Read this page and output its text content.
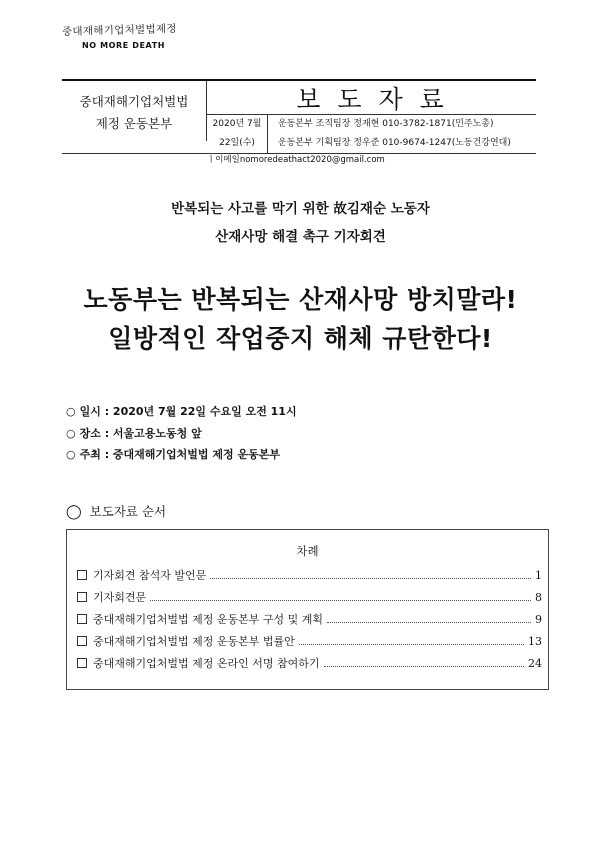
중대재해기업처벌법제정
NO MORE DEATH
중대재해기업처벌법
제정 운동본부
보도자료
2020년 7월
22일(수)
운동본부 조직팀장 정재현 010-3782-1871(민주노총)
운동본부 기획팀장 정우준 010-9674-1247(노동건강연대)
ㅣ이메일nomoredeathact2020@gmail.com
반복되는 사고를 막기 위한 故김재순 노동자
산재사망 해결 촉구 기자회견
노동부는 반복되는 산재사망 방치말라!
일방적인 작업중지 해체 규탄한다!
○ 일시 : 2020년 7월 22일 수요일 오전 11시
○ 장소 : 서울고용노동청 앞
○ 주최 : 중대재해기업처벌법 제정 운동본부
◯ 보도자료 순서
차례
기자회견 참석자 발언문	1
기자회견문	8
중대재해기업처벌법 제정 운동본부 구성 및 계획	9
중대재해기업처벌법 제정 운동본부 법률안	13
중대재해기업처벌법 제정 온라인 서명 참여하기	24
